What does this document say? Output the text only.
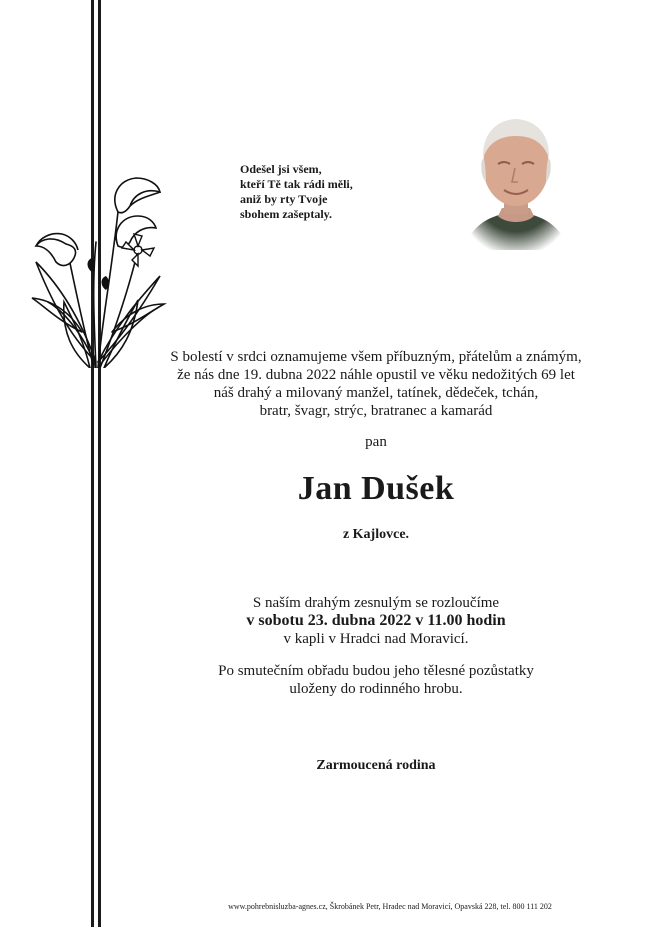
Odešel jsi všem,
kteří Tě tak rádi měli,
aniž by rty Tvoje
sbohem zašeptaly.
S bolestí v srdci oznamujeme všem příbuzným, přátelům a známým,
že nás dne 19. dubna 2022 náhle opustil ve věku nedožitých 69 let
náš drahý a milovaný manžel, tatínek, dědeček, tchán,
bratr, švagr, strýc, bratranec a kamarád
pan
Jan Dušek
z Kajlovce.
S naším drahým zesnulým se rozloučíme
v sobotu 23. dubna 2022 v 11.00 hodin
v kapli v Hradci nad Moravicí.
Po smutečním obřadu budou jeho tělesné pozůstatky
uloženy do rodinného hrobu.
Zarmoucená rodina
www.pohrebnisluzba-agnes.cz, Škrobánek Petr, Hradec nad Moravicí, Opavská 228, tel. 800 111 202
